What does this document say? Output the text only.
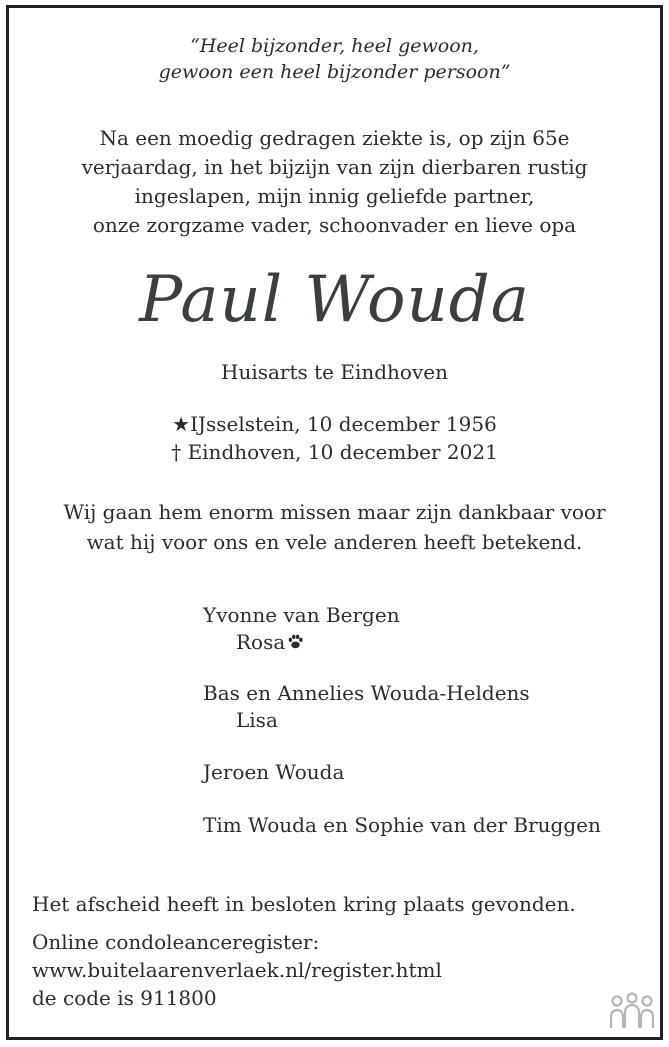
“Heel bijzonder, heel gewoon,
gewoon een heel bijzonder persoon”
Na een moedig gedragen ziekte is, op zijn 65e
verjaardag, in het bijzijn van zijn dierbaren rustig
ingeslapen, mijn innig geliefde partner,
onze zorgzame vader, schoonvader en lieve opa
Paul Wouda
Huisarts te Eindhoven
★IJsselstein, 10 december 1956
† Eindhoven, 10 december 2021
Wij gaan hem enorm missen maar zijn dankbaar voor
wat hij voor ons en vele anderen heeft betekend.
Yvonne van Bergen
Rosa
Bas en Annelies Wouda-Heldens
Lisa
Jeroen Wouda
Tim Wouda en Sophie van der Bruggen
Het afscheid heeft in besloten kring plaats gevonden.
Online condoleanceregister:
www.buitelaarenverlaek.nl/register.html
de code is 911800
